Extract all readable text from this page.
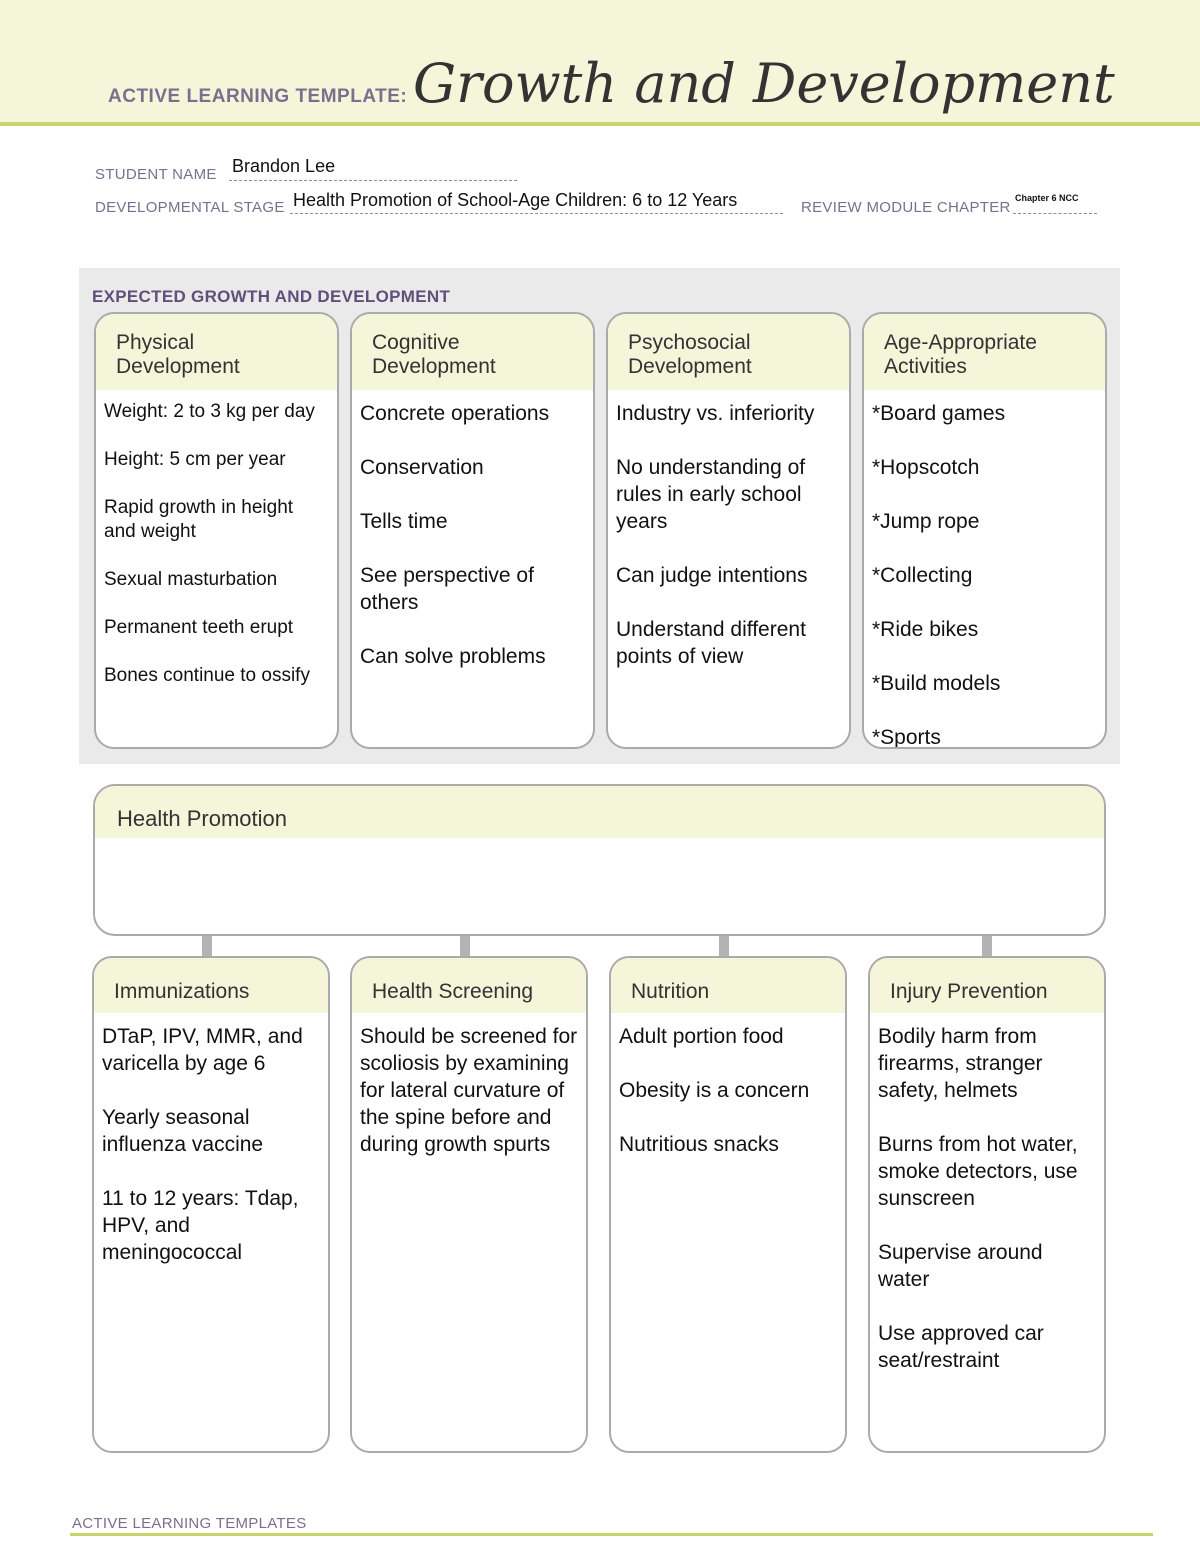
ACTIVE LEARNING TEMPLATE: Growth and Development
STUDENT NAME Brandon Lee
DEVELOPMENTAL STAGE Health Promotion of School-Age Children: 6 to 12 Years	REVIEW MODULE CHAPTER
Chapter 6 NCC
EXPECTED GROWTH AND DEVELOPMENT
Physical
Development
Weight: 2 to 3 kg per day
Height: 5 cm per year
Rapid growth in height and weight
Sexual masturbation
Permanent teeth erupt
Bones continue to ossify
Cognitive
Development
Concrete operations
Conservation
Tells time
See perspective of others
Can solve problems
Psychosocial
Development
Industry vs. inferiority
No understanding of rules in early school years
Can judge intentions
Understand different points of view
Age-Appropriate
Activities
*Board games
*Hopscotch
*Jump rope
*Collecting
*Ride bikes
*Build models
*Sports
Health Promotion
Immunizations
DTaP, IPV, MMR, and varicella by age 6
Yearly seasonal influenza vaccine
11 to 12 years: Tdap, HPV, and meningococcal
Health Screening
Should be screened for scoliosis by examining for lateral curvature of the spine before and during growth spurts
Nutrition
Adult portion food
Obesity is a concern
Nutritious snacks
Injury Prevention
Bodily harm from firearms, stranger safety, helmets
Burns from hot water, smoke detectors, use sunscreen
Supervise around water
Use approved car seat/restraint
ACTIVE LEARNING TEMPLATES
